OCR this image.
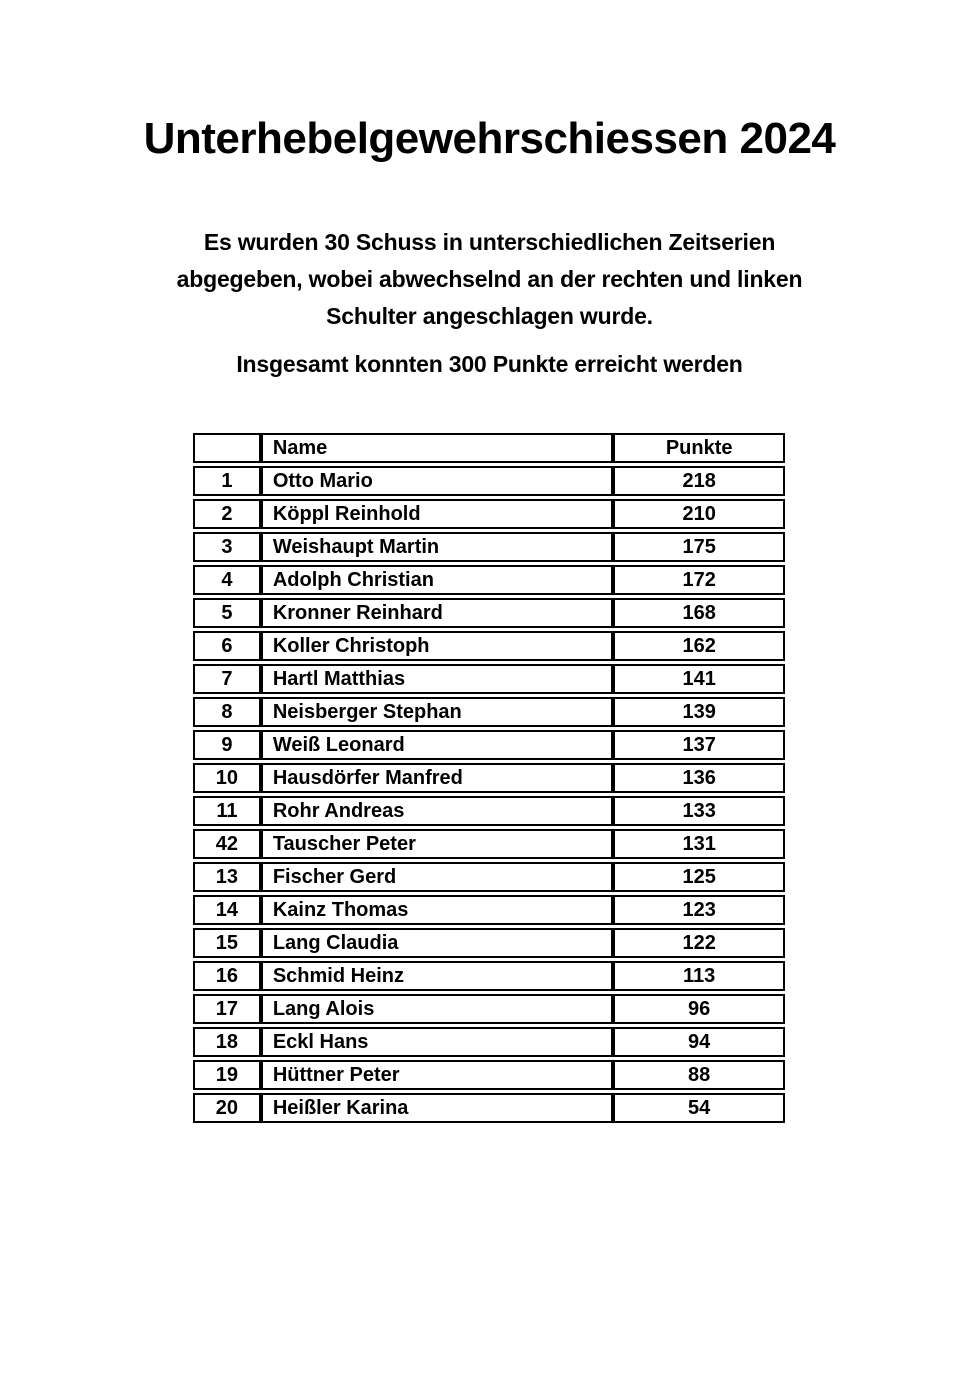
Unterhebelgewehrschiessen 2024
Es wurden 30 Schuss in unterschiedlichen Zeitserien
abgegeben, wobei abwechselnd an der rechten und linken
Schulter angeschlagen wurde.
Insgesamt konnten 300 Punkte erreicht werden
	Name	Punkte
1	Otto Mario	218
2	Köppl Reinhold	210
3	Weishaupt Martin	175
4	Adolph Christian	172
5	Kronner Reinhard	168
6	Koller Christoph	162
7	Hartl Matthias	141
8	Neisberger Stephan	139
9	Weiß Leonard	137
10	Hausdörfer Manfred	136
11	Rohr Andreas	133
42	Tauscher Peter	131
13	Fischer Gerd	125
14	Kainz Thomas	123
15	Lang Claudia	122
16	Schmid Heinz	113
17	Lang Alois	96
18	Eckl Hans	94
19	Hüttner Peter	88
20	Heißler Karina	54
